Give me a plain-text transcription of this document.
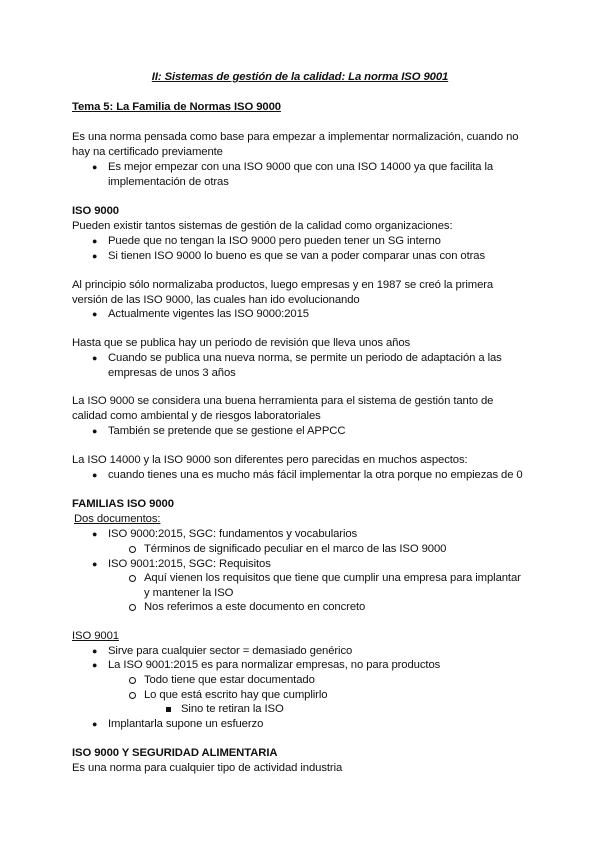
II: Sistemas de gestión de la calidad: La norma ISO 9001
Tema 5: La Familia de Normas ISO 9000
Es una norma pensada como base para empezar a implementar normalización, cuando no
hay na certificado previamente
● Es mejor empezar con una ISO 9000 que con una ISO 14000 ya que facilita la
implementación de otras
ISO 9000
Pueden existir tantos sistemas de gestión de la calidad como organizaciones:
● Puede que no tengan la ISO 9000 pero pueden tener un SG interno
● Si tienen ISO 9000 lo bueno es que se van a poder comparar unas con otras
Al principio sólo normalizaba productos, luego empresas y en 1987 se creó la primera
versión de las ISO 9000, las cuales han ido evolucionando
● Actualmente vigentes las ISO 9000:2015
Hasta que se publica hay un periodo de revisión que lleva unos años
● Cuando se publica una nueva norma, se permite un periodo de adaptación a las
empresas de unos 3 años
La ISO 9000 se considera una buena herramienta para el sistema de gestión tanto de
calidad como ambiental y de riesgos laboratoriales
● También se pretende que se gestione el APPCC
La ISO 14000 y la ISO 9000 son diferentes pero parecidas en muchos aspectos:
● cuando tienes una es mucho más fácil implementar la otra porque no empiezas de 0
FAMILIAS ISO 9000
Dos documentos:
● ISO 9000:2015, SGC: fundamentos y vocabularios
Términos de significado peculiar en el marco de las ISO 9000
● ISO 9001:2015, SGC: Requisitos
Aquí vienen los requisitos que tiene que cumplir una empresa para implantar
y mantener la ISO
Nos referimos a este documento en concreto
ISO 9001
● Sirve para cualquier sector = demasiado genérico
● La ISO 9001:2015 es para normalizar empresas, no para productos
Todo tiene que estar documentado
Lo que está escrito hay que cumplirlo
Sino te retiran la ISO
● Implantarla supone un esfuerzo
ISO 9000 Y SEGURIDAD ALIMENTARIA
Es una norma para cualquier tipo de actividad industria
